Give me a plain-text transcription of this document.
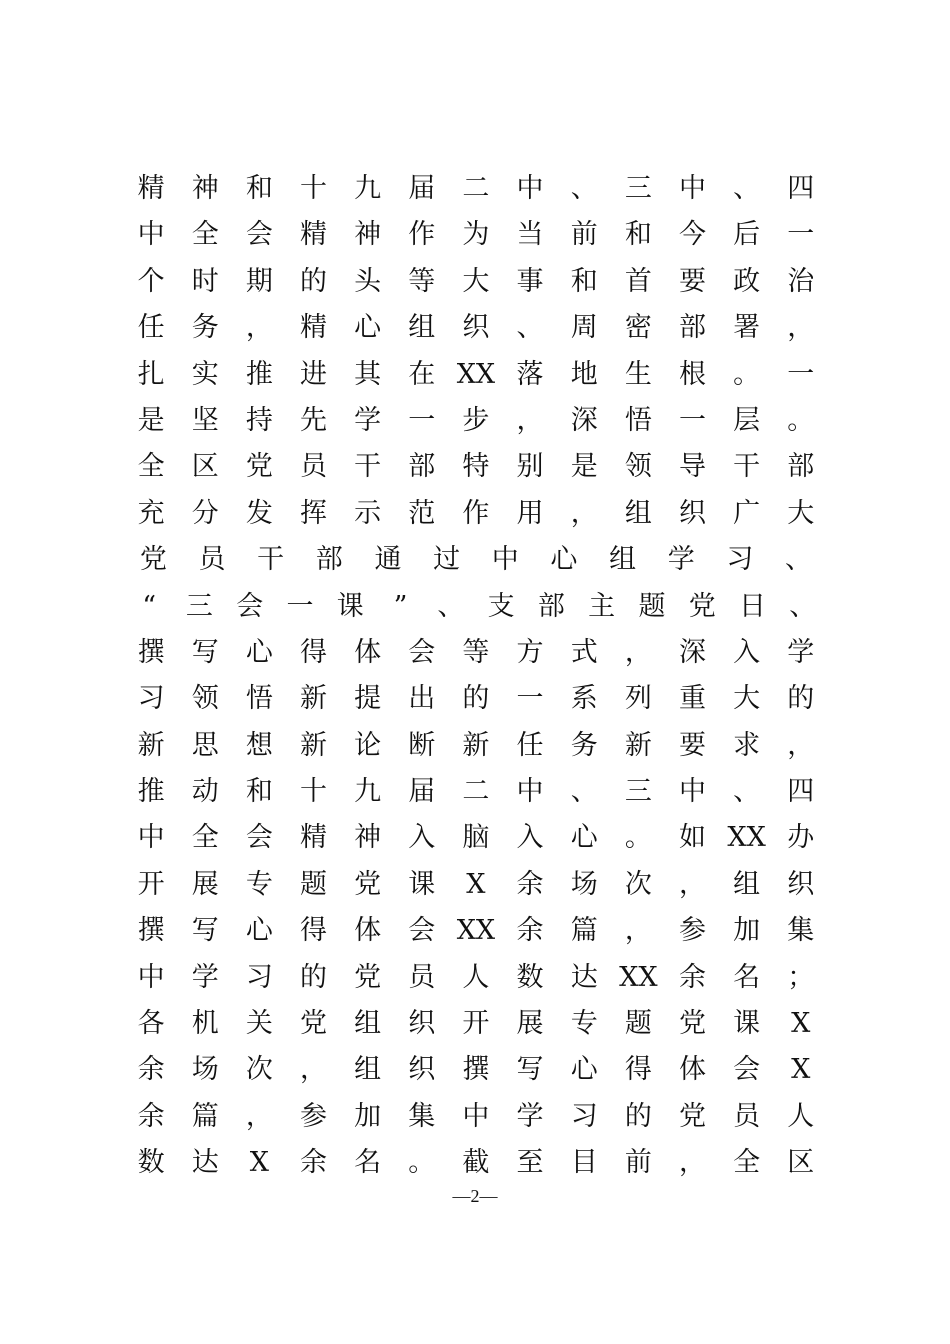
精 神 和 十 九 届 二 中 、 三 中 、 四
中 全 会 精 神 作 为 当 前 和 今 后 一
个 时 期 的 头 等 大 事 和 首 要 政 治
任 务 ， 精 心 组 织 、 周 密 部 署 ，
扎 实 推 进 其 在 XX 落 地 生 根 。 一
是 坚 持 先 学 一 步 ， 深 悟 一 层 。
全 区 党 员 干 部 特 别 是 领 导 干 部
充 分 发 挥 示 范 作 用 ， 组 织 广 大
党 员 干 部 通 过 中 心 组 学 习 、
“ 三 会 一 课 ” 、 支 部 主 题 党 日 、
撰 写 心 得 体 会 等 方 式 ， 深 入 学
习 领 悟 新 提 出 的 一 系 列 重 大 的
新 思 想 新 论 断 新 任 务 新 要 求 ，
推 动 和 十 九 届 二 中 、 三 中 、 四
中 全 会 精 神 入 脑 入 心 。 如 XX 办
开 展 专 题 党 课 X 余 场 次 ， 组 织
撰 写 心 得 体 会 XX 余 篇 ， 参 加 集
中 学 习 的 党 员 人 数 达 XX 余 名 ；
各 机 关 党 组 织 开 展 专 题 党 课 X
余 场 次 ， 组 织 撰 写 心 得 体 会 X
余 篇 ， 参 加 集 中 学 习 的 党 员 人
数 达 X 余 名 。 截 至 目 前 ， 全 区
—2—
